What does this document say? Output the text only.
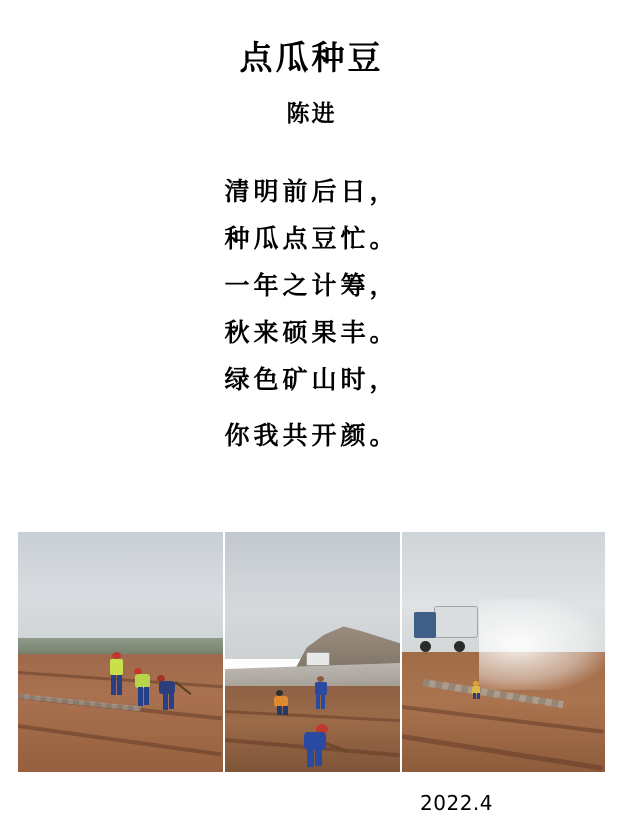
点瓜种豆
陈进
清明前后日，
种瓜点豆忙。
一年之计筹，
秋来硕果丰。
绿色矿山时，
你我共开颜。
2022.4
